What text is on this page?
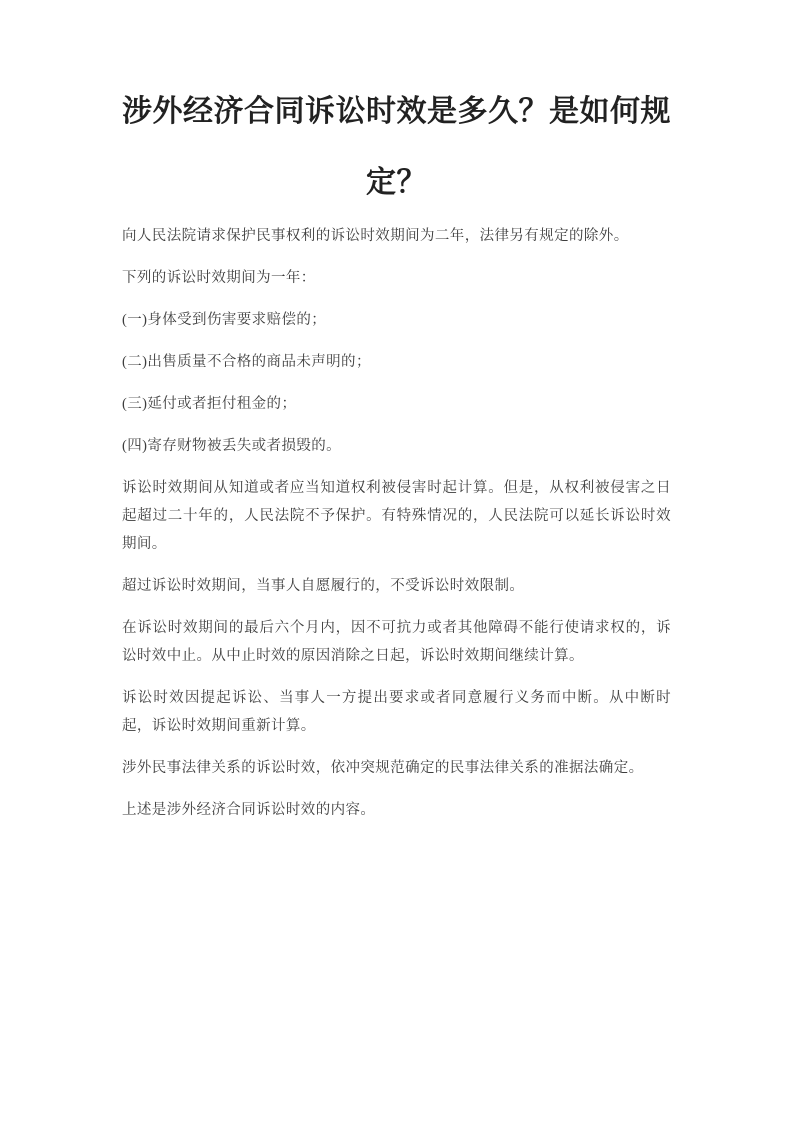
涉外经济合同诉讼时效是多久？是如何规定？

向人民法院请求保护民事权利的诉讼时效期间为二年，法律另有规定的除外。

下列的诉讼时效期间为一年：

(一)身体受到伤害要求赔偿的；

(二)出售质量不合格的商品未声明的；

(三)延付或者拒付租金的；

(四)寄存财物被丢失或者损毁的。

诉讼时效期间从知道或者应当知道权利被侵害时起计算。但是，从权利被侵害之日起超过二十年的，人民法院不予保护。有特殊情况的，人民法院可以延长诉讼时效期间。

超过诉讼时效期间，当事人自愿履行的，不受诉讼时效限制。

在诉讼时效期间的最后六个月内，因不可抗力或者其他障碍不能行使请求权的，诉讼时效中止。从中止时效的原因消除之日起，诉讼时效期间继续计算。

诉讼时效因提起诉讼、当事人一方提出要求或者同意履行义务而中断。从中断时起，诉讼时效期间重新计算。

涉外民事法律关系的诉讼时效，依冲突规范确定的民事法律关系的准据法确定。

上述是涉外经济合同诉讼时效的内容。
